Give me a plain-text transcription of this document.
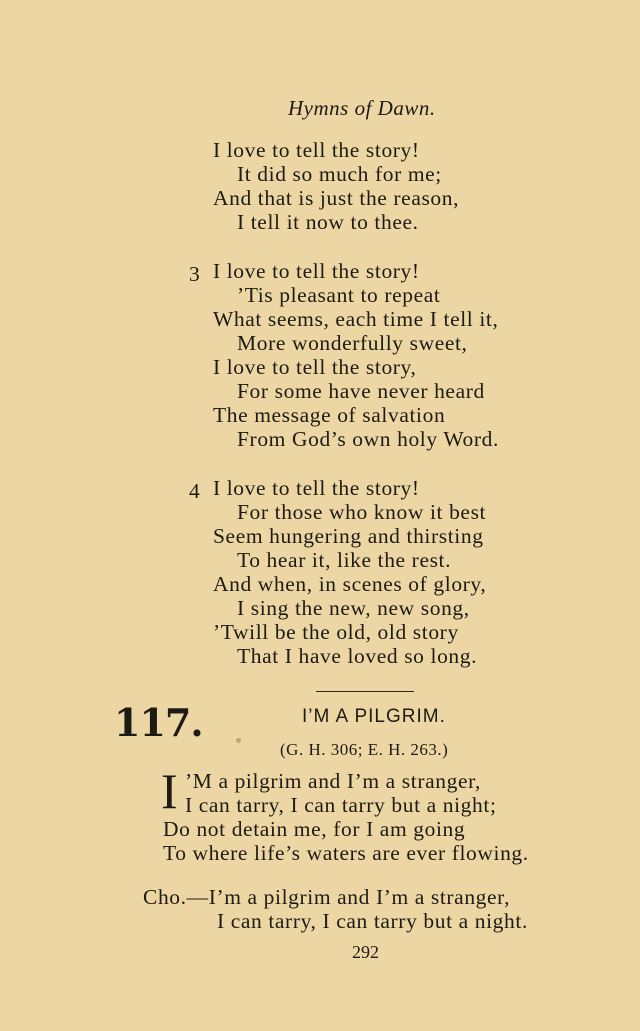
Hymns of Dawn.
I love to tell the story!
It did so much for me;
And that is just the reason,
I tell it now to thee.
3 I love to tell the story!
’Tis pleasant to repeat
What seems, each time I tell it,
More wonderfully sweet,
I love to tell the story,
For some have never heard
The message of salvation
From God’s own holy Word.
4 I love to tell the story!
For those who know it best
Seem hungering and thirsting
To hear it, like the rest.
And when, in scenes of glory,
I sing the new, new song,
’Twill be the old, old story
That I have loved so long.
117.	I’M A PILGRIM.
(G. H. 306; E. H. 263.)
I ’M a pilgrim and I’m a stranger,
I can tarry, I can tarry but a night;
Do not detain me, for I am going
To where life’s waters are ever flowing.
Cho.—I’m a pilgrim and I’m a stranger,
I can tarry, I can tarry but a night.
292
